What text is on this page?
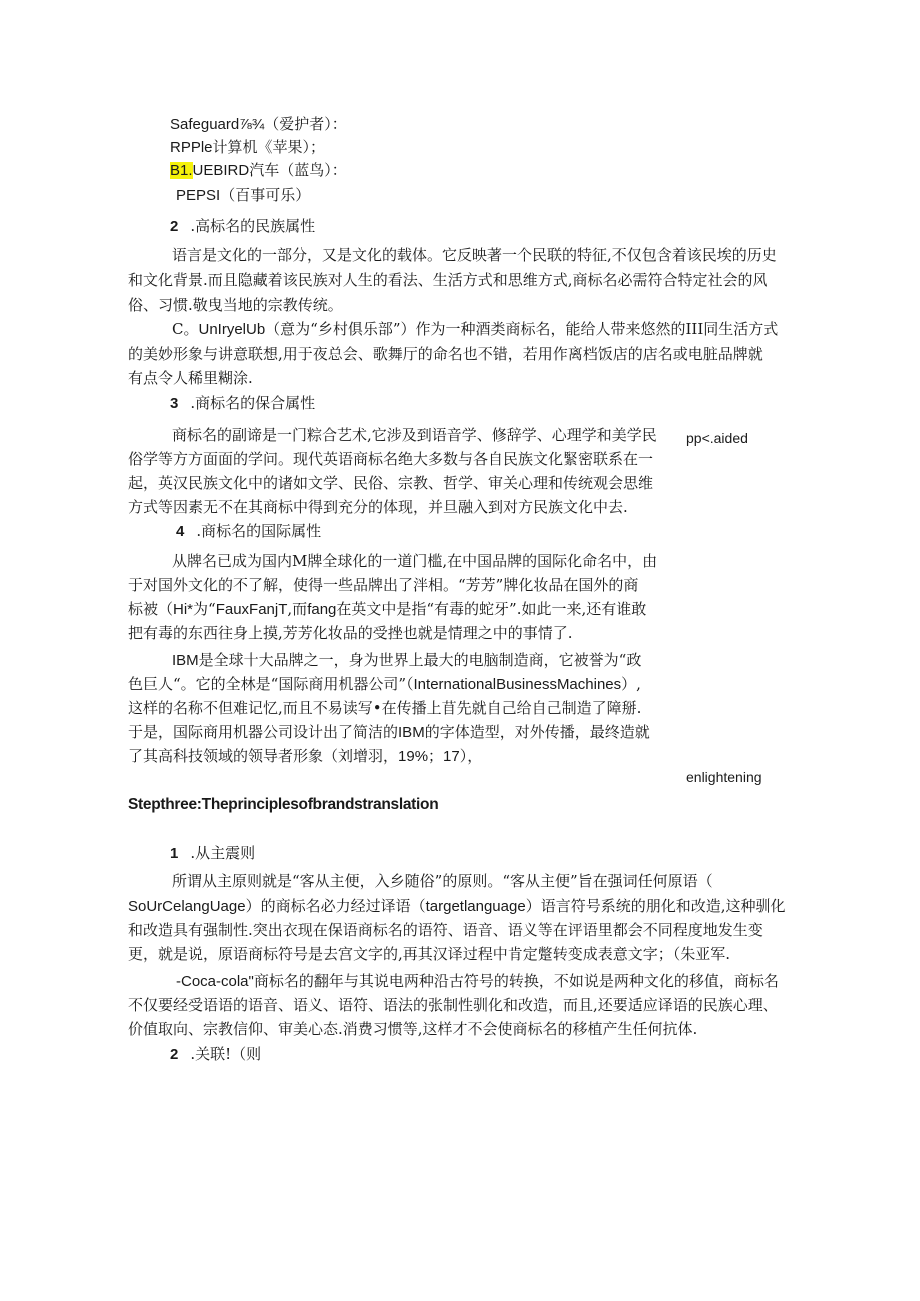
Safeguard⅞¾（爱护者）：
RPPle计算机《苹果）；
B1.UEBIRD汽车（蓝鸟）：
PEPSI（百事可乐）
2 .高标名的民族属性
语言是文化的一部分，又是文化的载体。它反映著一个民联的特征,不仅包含着该民埃的历史
和文化背景.而且隐藏着该民族对人生的看法、生活方式和思维方式,商标名必需符合特定社会的风
俗、习惯.敬曳当地的宗教传统。
C。UnIryelUb（意为“乡村俱乐部”）作为一种酒类商标名，能给人带来悠然的III同生活方式
的美妙形象与讲意联想,用于夜总会、歌舞厅的命名也不错，若用作离档饭店的店名或电脏品牌就
有点令人稀里糊涂.
3 .商标名的保合属性
商标名的副谛是一门粽合艺术,它涉及到语音学、修辞学、心理学和美学民
俗学等方方面面的学问。现代英语商标名绝大多数与各自民族文化緊密联系在一
起，英汉民族文化中的诸如文学、民俗、宗教、哲学、审关心理和传统观会思维
方式等因素无不在其商标中得到充分的体现，并旦融入到对方民族文化中去.
pp<.aided
4 .商标名的国际属性
从牌名已成为国内M牌全球化的一道门槛,在中国品牌的国际化命名中，由
于对国外文化的不了解，使得一些品牌出了泮相。“芳芳”牌化妆品在国外的商
标被（Hi*为“FauxFanjT,而fang在英文中是指“有毒的蛇牙”.如此一来,还有谁敢
把有毒的东西往身上摸,芳芳化妆品的受挫也就是情理之中的事情了.
IBM是全球十大品牌之一，身为世界上最大的电脑制造商，它被誉为“政
色巨人“。它的全林是“国际商用机器公司”（InternationalBusinessMachines）,
这样的名称不但难记忆,而且不易读写•在传播上苜先就自己给自己制造了障掰.
于是，国际商用机器公司设计出了简洁的IBM的字体造型，对外传播，最终造就
了其高科技领域的领导者形象（刘增羽，19%；17），
enlightening
Stepthree:Theprinciplesofbrandstranslation
1 .从主震则
所谓从主原则就是“客从主便，入乡随俗”的原则。“客从主便”旨在强词任何原语（
SoUrCelangUage）的商标名必力经过译语（targetlanguage）语言符号系统的朋化和改造,这种驯化
和改造具有强制性.突出衣现在保语商标名的语符、语音、语义等在评语里都会不同程度地发生变
更，就是说，原语商标符号是去宫文字的,再其汉译过程中肯定蹩转变成表意文字；（朱亚军.
-Coca-cola"商标名的翻年与其说电两种沿古符号的转换，不如说是两种文化的移值，商标名
不仅要经受语语的语音、语义、语符、语法的张制性驯化和改造，而且,还要适应译语的民族心理、
价值取向、宗教信仰、审美心态.消费习惯等,这样才不会使商标名的移植产生任何抗体.
2 .关联!（则
